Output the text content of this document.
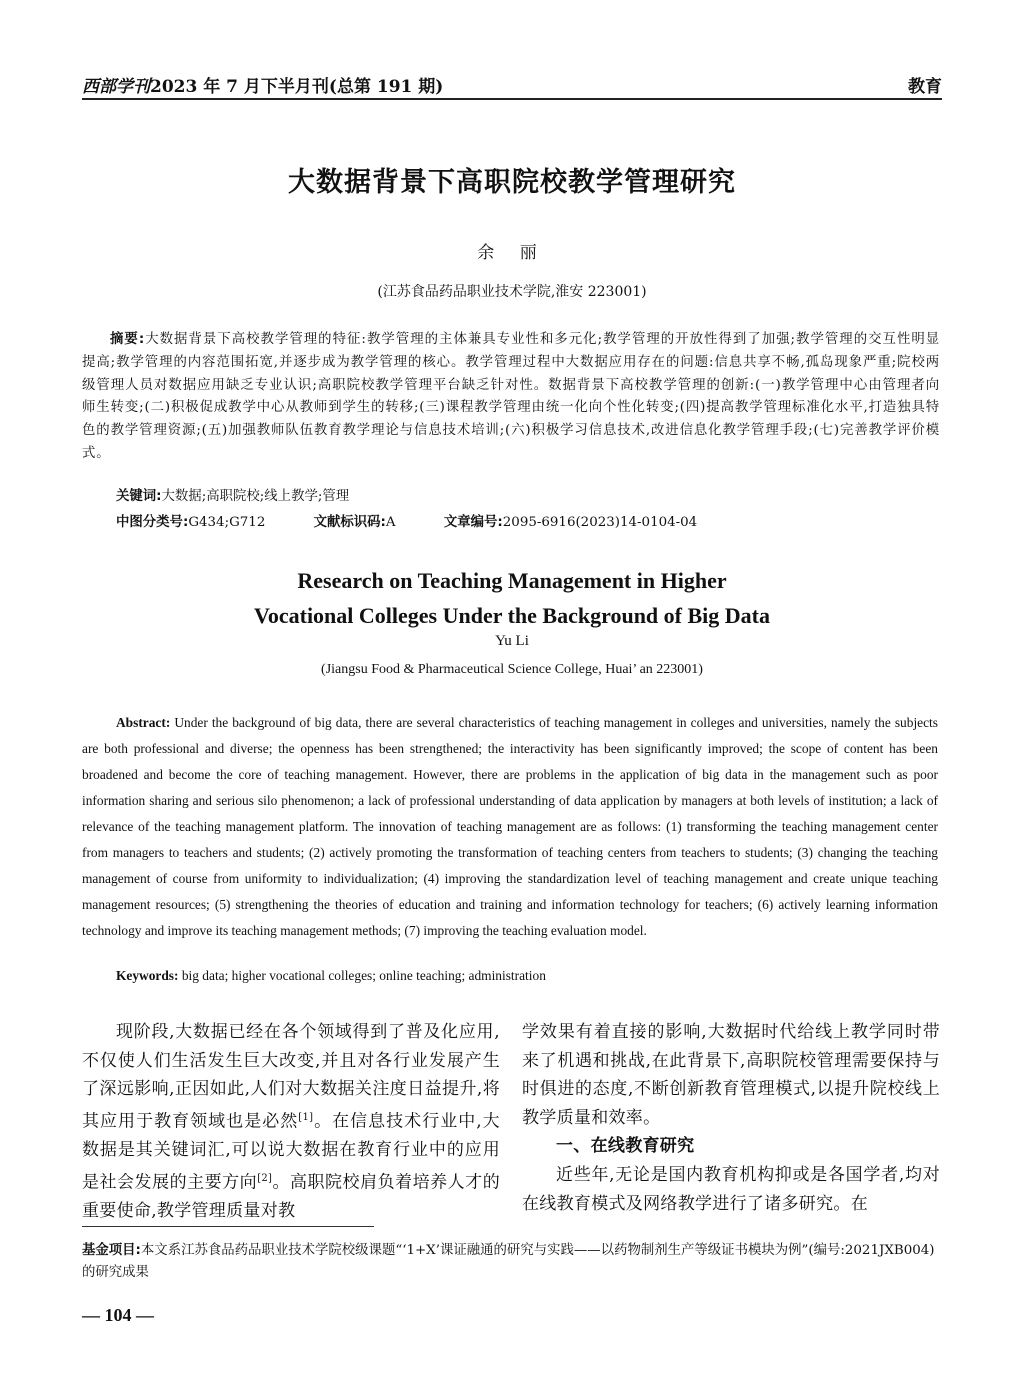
西部学刊2023 年 7 月下半月刊(总第 191 期)	教育
大数据背景下高职院校教学管理研究
余 丽
(江苏食品药品职业技术学院,淮安 223001)
摘要:大数据背景下高校教学管理的特征:教学管理的主体兼具专业性和多元化;教学管理的开放性得到了加强;教学管理的交互性明显提高;教学管理的内容范围拓宽,并逐步成为教学管理的核心。教学管理过程中大数据应用存在的问题:信息共享不畅,孤岛现象严重;院校两级管理人员对数据应用缺乏专业认识;高职院校教学管理平台缺乏针对性。数据背景下高校教学管理的创新:(一)教学管理中心由管理者向师生转变;(二)积极促成教学中心从教师到学生的转移;(三)课程教学管理由统一化向个性化转变;(四)提高教学管理标准化水平,打造独具特色的教学管理资源;(五)加强教师队伍教育教学理论与信息技术培训;(六)积极学习信息技术,改进信息化教学管理手段;(七)完善教学评价模式。
关键词:大数据;高职院校;线上教学;管理
中图分类号:G434;G712	文献标识码:A	文章编号:2095-6916(2023)14-0104-04
Research on Teaching Management in Higher
Vocational Colleges Under the Background of Big Data
Yu Li
(Jiangsu Food & Pharmaceutical Science College, Huai’ an 223001)
Abstract: Under the background of big data, there are several characteristics of teaching management in colleges and universities, namely the subjects are both professional and diverse; the openness has been strengthened; the interactivity has been significantly improved; the scope of content has been broadened and become the core of teaching management. However, there are problems in the application of big data in the management such as poor information sharing and serious silo phenomenon; a lack of professional understanding of data application by managers at both levels of institution; a lack of relevance of the teaching management platform. The innovation of teaching management are as follows: (1) transforming the teaching management center from managers to teachers and students; (2) actively promoting the transformation of teaching centers from teachers to students; (3) changing the teaching management of course from uniformity to individualization; (4) improving the standardization level of teaching management and create unique teaching management resources; (5) strengthening the theories of education and training and information technology for teachers; (6) actively learning information technology and improve its teaching management methods; (7) improving the teaching evaluation model.
Keywords: big data; higher vocational colleges; online teaching; administration

现阶段,大数据已经在各个领域得到了普及化应用,不仅使人们生活发生巨大改变,并且对各行业发展产生了深远影响,正因如此,人们对大数据关注度日益提升,将其应用于教育领域也是必然[1]。在信息技术行业中,大数据是其关键词汇,可以说大数据在教育行业中的应用是社会发展的主要方向[2]。高职院校肩负着培养人才的重要使命,教学管理质量对教

学效果有着直接的影响,大数据时代给线上教学同时带来了机遇和挑战,在此背景下,高职院校管理需要保持与时俱进的态度,不断创新教育管理模式,以提升院校线上教学质量和效率。

一、在线教育研究

近些年,无论是国内教育机构抑或是各国学者,均对在线教育模式及网络教学进行了诸多研究。在

基金项目:本文系江苏食品药品职业技术学院校级课题“‘1+X’课证融通的研究与实践——以药物制剂生产等级证书模块为例”(编号:2021JXB004)的研究成果
— 104 —
